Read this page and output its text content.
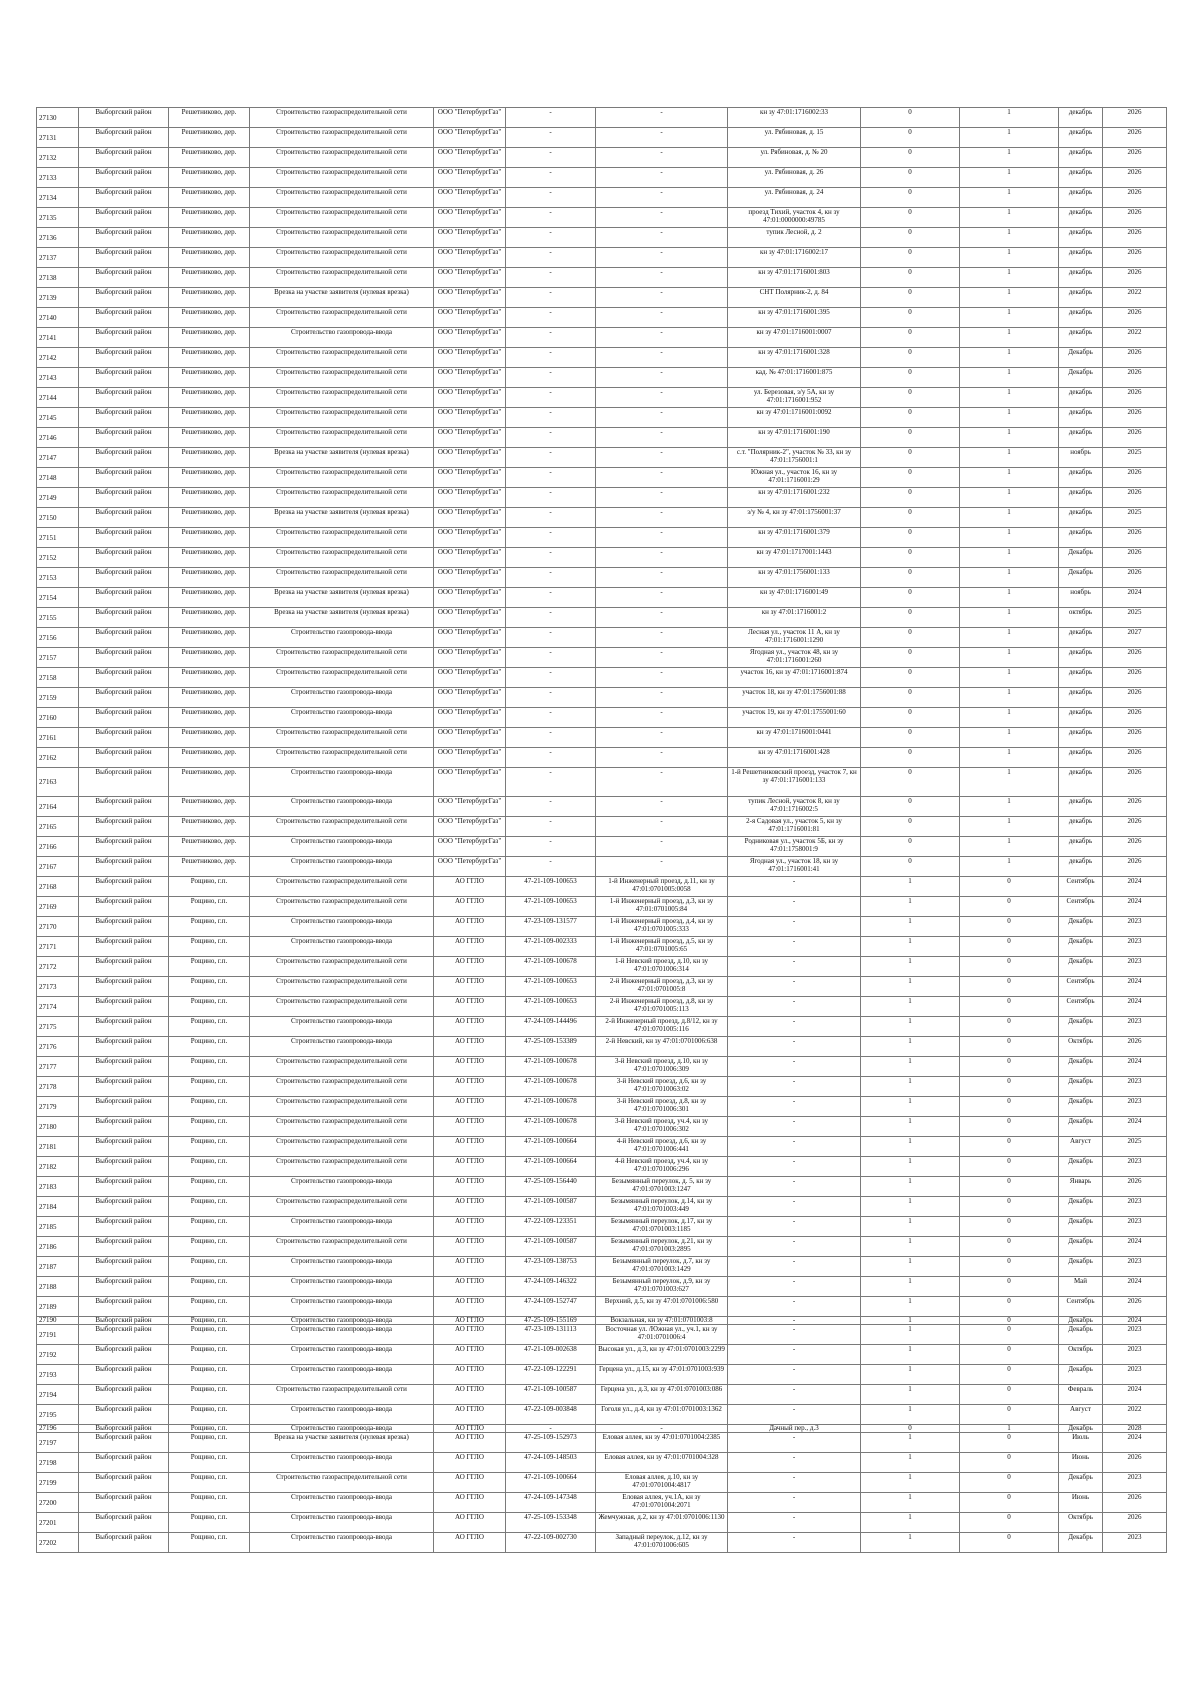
27130	Выборгский район	Решетниково, дер.	Строительство газораспределительной сети	ООО "ПетербургГаз"	-	-	кн зу 47:01:1716002:33	0	1	декабрь	2026
27131	Выборгский район	Решетниково, дер.	Строительство газораспределительной сети	ООО "ПетербургГаз"	-	-	ул. Рябиновая, д. 15	0	1	декабрь	2026
27132	Выборгский район	Решетниково, дер.	Строительство газораспределительной сети	ООО "ПетербургГаз"	-	-	ул. Рябиновая, д. № 20	0	1	декабрь	2026
27133	Выборгский район	Решетниково, дер.	Строительство газораспределительной сети	ООО "ПетербургГаз"	-	-	ул. Рябиновая, д. 26	0	1	декабрь	2026
27134	Выборгский район	Решетниково, дер.	Строительство газораспределительной сети	ООО "ПетербургГаз"	-	-	ул. Рябиновая, д. 24	0	1	декабрь	2026
27135	Выборгский район	Решетниково, дер.	Строительство газораспределительной сети	ООО "ПетербургГаз"	-	-	проезд Тихий, участок 4, кн зу 47:01:0000000:49785	0	1	декабрь	2026
27136	Выборгский район	Решетниково, дер.	Строительство газораспределительной сети	ООО "ПетербургГаз"	-	-	тупик Лесной, д. 2	0	1	декабрь	2026
27137	Выборгский район	Решетниково, дер.	Строительство газораспределительной сети	ООО "ПетербургГаз"	-	-	кн зу 47:01:1716002:17	0	1	декабрь	2026
27138	Выборгский район	Решетниково, дер.	Строительство газораспределительной сети	ООО "ПетербургГаз"	-	-	кн зу 47:01:1716001:803	0	1	декабрь	2026
27139	Выборгский район	Решетниково, дер.	Врезка на участке заявителя (нулевая врезка)	ООО "ПетербургГаз"	-	-	СНТ Полярник-2, д. 84	0	1	декабрь	2022
27140	Выборгский район	Решетниково, дер.	Строительство газораспределительной сети	ООО "ПетербургГаз"	-	-	кн зу 47:01:1716001:395	0	1	декабрь	2026
27141	Выборгский район	Решетниково, дер.	Строительство газопровода-ввода	ООО "ПетербургГаз"	-	-	кн зу 47:01:1716001:0007	0	1	декабрь	2022
27142	Выборгский район	Решетниково, дер.	Строительство газораспределительной сети	ООО "ПетербургГаз"	-	-	кн зу 47:01:1716001:328	0	1	Декабрь	2026
27143	Выборгский район	Решетниково, дер.	Строительство газораспределительной сети	ООО "ПетербургГаз"	-	-	кад. № 47:01:1716001:875	0	1	Декабрь	2026
27144	Выборгский район	Решетниково, дер.	Строительство газораспределительной сети	ООО "ПетербургГаз"	-	-	ул. Березовая, з/у 5А, кн зу 47:01:1716001:952	0	1	декабрь	2026
27145	Выборгский район	Решетниково, дер.	Строительство газораспределительной сети	ООО "ПетербургГаз"	-	-	кн зу 47:01:1716001:0092	0	1	декабрь	2026
27146	Выборгский район	Решетниково, дер.	Строительство газораспределительной сети	ООО "ПетербургГаз"	-	-	кн зу 47:01:1716001:190	0	1	декабрь	2026
27147	Выборгский район	Решетниково, дер.	Врезка на участке заявителя (нулевая врезка)	ООО "ПетербургГаз"	-	-	с.т. "Полярник-2", участок № 33, кн зу 47:01:1756001:1	0	1	ноябрь	2025
27148	Выборгский район	Решетниково, дер.	Строительство газораспределительной сети	ООО "ПетербургГаз"	-	-	Южная ул., участок 16, кн зу 47:01:1716001:29	0	1	декабрь	2026
27149	Выборгский район	Решетниково, дер.	Строительство газораспределительной сети	ООО "ПетербургГаз"	-	-	кн зу 47:01:1716001:232	0	1	декабрь	2026
27150	Выборгский район	Решетниково, дер.	Врезка на участке заявителя (нулевая врезка)	ООО "ПетербургГаз"	-	-	з/у № 4, кн зу 47:01:1756001:37	0	1	декабрь	2025
27151	Выборгский район	Решетниково, дер.	Строительство газораспределительной сети	ООО "ПетербургГаз"	-	-	кн зу 47:01:1716001:379	0	1	декабрь	2026
27152	Выборгский район	Решетниково, дер.	Строительство газораспределительной сети	ООО "ПетербургГаз"	-	-	кн зу 47:01:1717001:1443	0	1	Декабрь	2026
27153	Выборгский район	Решетниково, дер.	Строительство газораспределительной сети	ООО "ПетербургГаз"	-	-	кн зу 47:01:1756001:133	0	1	Декабрь	2026
27154	Выборгский район	Решетниково, дер.	Врезка на участке заявителя (нулевая врезка)	ООО "ПетербургГаз"	-	-	кн зу 47:01:1716001:49	0	1	ноябрь	2024
27155	Выборгский район	Решетниково, дер.	Врезка на участке заявителя (нулевая врезка)	ООО "ПетербургГаз"	-	-	кн зу 47:01:1716001:2	0	1	октябрь	2025
27156	Выборгский район	Решетниково, дер.	Строительство газопровода-ввода	ООО "ПетербургГаз"	-	-	Лесная ул., участок 11 А, кн зу 47:01:1716001:1290	0	1	декабрь	2027
27157	Выборгский район	Решетниково, дер.	Строительство газораспределительной сети	ООО "ПетербургГаз"	-	-	Ягодная ул., участок 48, кн зу 47:01:1716001:260	0	1	декабрь	2026
27158	Выборгский район	Решетниково, дер.	Строительство газораспределительной сети	ООО "ПетербургГаз"	-	-	участок 16, кн зу 47:01:1716001:874	0	1	декабрь	2026
27159	Выборгский район	Решетниково, дер.	Строительство газопровода-ввода	ООО "ПетербургГаз"	-	-	участок 18, кн зу 47:01:1756001:88	0	1	декабрь	2026
27160	Выборгский район	Решетниково, дер.	Строительство газопровода-ввода	ООО "ПетербургГаз"	-	-	участок 19, кн зу 47:01:1755001:60	0	1	декабрь	2026
27161	Выборгский район	Решетниково, дер.	Строительство газораспределительной сети	ООО "ПетербургГаз"	-	-	кн зу 47:01:1716001:0441	0	1	декабрь	2026
27162	Выборгский район	Решетниково, дер.	Строительство газораспределительной сети	ООО "ПетербургГаз"	-	-	кн зу 47:01:1716001:428	0	1	декабрь	2026
27163	Выборгский район	Решетниково, дер.	Строительство газопровода-ввода	ООО "ПетербургГаз"	-	-	1-й Решетниковский проезд, участок 7, кн зу 47:01:1716001:133	0	1	декабрь	2026
27164	Выборгский район	Решетниково, дер.	Строительство газопровода-ввода	ООО "ПетербургГаз"	-	-	тупик Лесной, участок 8, кн зу 47:01:1716002:5	0	1	декабрь	2026
27165	Выборгский район	Решетниково, дер.	Строительство газораспределительной сети	ООО "ПетербургГаз"	-	-	2-я Садовая ул., участок 5, кн зу 47:01:1716001:81	0	1	декабрь	2026
27166	Выборгский район	Решетниково, дер.	Строительство газопровода-ввода	ООО "ПетербургГаз"	-	-	Родниковая ул., участок 5Б, кн зу 47:01:1758001:9	0	1	декабрь	2026
27167	Выборгский район	Решетниково, дер.	Строительство газопровода-ввода	ООО "ПетербургГаз"	-	-	Ягодная ул., участок 18, кн зу 47:01:1716001:41	0	1	декабрь	2026
27168	Выборгский район	Рощино, г.п.	Строительство газораспределительной сети	АО ГГЛО	47-21-109-100653	1-й Инженерный проезд, д.11, кн зу 47:01:0701005:0058	-	1	0	Сентябрь	2024
27169	Выборгский район	Рощино, г.п.	Строительство газораспределительной сети	АО ГГЛО	47-21-109-100653	1-й Инженерный проезд, д.3, кн зу 47:01:0701005:84	-	1	0	Сентябрь	2024
27170	Выборгский район	Рощино, г.п.	Строительство газопровода-ввода	АО ГГЛО	47-23-109-131577	1-й Инженерный проезд, д.4, кн зу 47:01:0701005:333	-	1	0	Декабрь	2023
27171	Выборгский район	Рощино, г.п.	Строительство газопровода-ввода	АО ГГЛО	47-21-109-002333	1-й Инженерный проезд, д.5, кн зу 47:01:0701005:65	-	1	0	Декабрь	2023
27172	Выборгский район	Рощино, г.п.	Строительство газораспределительной сети	АО ГГЛО	47-21-109-100678	1-й Невский проезд, д.10, кн зу 47:01:0701006:314	-	1	0	Декабрь	2023
27173	Выборгский район	Рощино, г.п.	Строительство газораспределительной сети	АО ГГЛО	47-21-109-100653	2-й Инженерный проезд, д.3, кн зу 47:01:0701005:8	-	1	0	Сентябрь	2024
27174	Выборгский район	Рощино, г.п.	Строительство газораспределительной сети	АО ГГЛО	47-21-109-100653	2-й Инженерный проезд, д.8, кн зу 47:01:0701005:113	-	1	0	Сентябрь	2024
27175	Выборгский район	Рощино, г.п.	Строительство газопровода-ввода	АО ГГЛО	47-24-109-144496	2-й Инженерный проезд, д.8/12, кн зу 47:01:0701005:116	-	1	0	Декабрь	2023
27176	Выборгский район	Рощино, г.п.	Строительство газопровода-ввода	АО ГГЛО	47-25-109-153389	2-й Невский, кн зу 47:01:0701006:638	-	1	0	Октябрь	2026
27177	Выборгский район	Рощино, г.п.	Строительство газораспределительной сети	АО ГГЛО	47-21-109-100678	3-й Невский проезд, д.10, кн зу 47:01:0701006:309	-	1	0	Декабрь	2024
27178	Выборгский район	Рощино, г.п.	Строительство газораспределительной сети	АО ГГЛО	47-21-109-100678	3-й Невский проезд, д.6, кн зу 47:01:07010063:02	-	1	0	Декабрь	2023
27179	Выборгский район	Рощино, г.п.	Строительство газораспределительной сети	АО ГГЛО	47-21-109-100678	3-й Невский проезд, д.8, кн зу 47:01:0701006:301	-	1	0	Декабрь	2023
27180	Выборгский район	Рощино, г.п.	Строительство газораспределительной сети	АО ГГЛО	47-21-109-100678	3-й Невский проезд, уч.4, кн зу 47:01:0701006:302	-	1	0	Декабрь	2024
27181	Выборгский район	Рощино, г.п.	Строительство газораспределительной сети	АО ГГЛО	47-21-109-100664	4-й Невский проезд, д.6, кн зу 47:01:0701006:441	-	1	0	Август	2025
27182	Выборгский район	Рощино, г.п.	Строительство газораспределительной сети	АО ГГЛО	47-21-109-100664	4-й Невский проезд, уч.4, кн зу 47:01:0701006:296	-	1	0	Декабрь	2023
27183	Выборгский район	Рощино, г.п.	Строительство газопровода-ввода	АО ГГЛО	47-25-109-156440	Безымянный переулок, д. 5, кн зу 47:01:0701003:1247	-	1	0	Январь	2026
27184	Выборгский район	Рощино, г.п.	Строительство газораспределительной сети	АО ГГЛО	47-21-109-100587	Безымянный переулок, д.14, кн зу 47:01:0701003:449	-	1	0	Декабрь	2023
27185	Выборгский район	Рощино, г.п.	Строительство газопровода-ввода	АО ГГЛО	47-22-109-123351	Безымянный переулок, д.17, кн зу 47:01:0701003:1185	-	1	0	Декабрь	2023
27186	Выборгский район	Рощино, г.п.	Строительство газораспределительной сети	АО ГГЛО	47-21-109-100587	Безымянный переулок, д.21, кн зу 47:01:0701003:2895	-	1	0	Декабрь	2024
27187	Выборгский район	Рощино, г.п.	Строительство газопровода-ввода	АО ГГЛО	47-23-109-138753	Безымянный переулок, д.7, кн зу 47:01:0701003:1429	-	1	0	Декабрь	2023
27188	Выборгский район	Рощино, г.п.	Строительство газопровода-ввода	АО ГГЛО	47-24-109-146322	Безымянный переулок, д.9, кн зу 47:01:0701003:627	-	1	0	Май	2024
27189	Выборгский район	Рощино, г.п.	Строительство газопровода-ввода	АО ГГЛО	47-24-109-152747	Верхний, д.5, кн зу 47:01:0701006:580	-	1	0	Сентябрь	2026
27190	Выборгский район	Рощино, г.п.	Строительство газопровода-ввода	АО ГГЛО	47-25-109-155169	Вокзальная, кн зу 47:01:0701003:8	-	1	0	Декабрь	2024
27191	Выборгский район	Рощино, г.п.	Строительство газопровода-ввода	АО ГГЛО	47-23-109-131113	Восточная ул. /Южная ул., уч.1, кн зу 47:01:0701006:4	-	1	0	Декабрь	2023
27192	Выборгский район	Рощино, г.п.	Строительство газопровода-ввода	АО ГГЛО	47-21-109-002638	Высокая ул., д.3, кн зу 47:01:0701003:2299	-	1	0	Октябрь	2023
27193	Выборгский район	Рощино, г.п.	Строительство газопровода-ввода	АО ГГЛО	47-22-109-122291	Герцена ул., д.15, кн зу 47:01:0701003:939	-	1	0	Декабрь	2023
27194	Выборгский район	Рощино, г.п.	Строительство газораспределительной сети	АО ГГЛО	47-21-109-100587	Герцена ул., д.3, кн зу 47:01:0701003:086	-	1	0	Февраль	2024
27195	Выборгский район	Рощино, г.п.	Строительство газопровода-ввода	АО ГГЛО	47-22-109-003848	Гоголя ул., д.4, кн зу 47:01:0701003:1362	-	1	0	Август	2022
27196	Выборгский район	Рощино, г.п.	Строительство газопровода-ввода	АО ГГЛО	-	-	Дачный пер., д.3	0	1	Декабрь	2028
27197	Выборгский район	Рощино, г.п.	Врезка на участке заявителя (нулевая врезка)	АО ГГЛО	47-25-109-152973	Еловая аллея, кн зу 47:01:0701004:2385	-	1	0	Июль	2024
27198	Выборгский район	Рощино, г.п.	Строительство газопровода-ввода	АО ГГЛО	47-24-109-148503	Еловая аллея, кн зу 47:01:0701004:328	-	1	0	Июнь	2026
27199	Выборгский район	Рощино, г.п.	Строительство газораспределительной сети	АО ГГЛО	47-21-109-100664	Еловая аллея, д.10, кн зу 47:01:0701004:4817	-	1	0	Декабрь	2023
27200	Выборгский район	Рощино, г.п.	Строительство газопровода-ввода	АО ГГЛО	47-24-109-147348	Еловая аллея, уч.1А, кн зу 47:01:0701004:2071	-	1	0	Июнь	2026
27201	Выборгский район	Рощино, г.п.	Строительство газопровода-ввода	АО ГГЛО	47-25-109-153348	Жемчужная, д.2, кн зу 47:01:0701006:1130	-	1	0	Октябрь	2026
27202	Выборгский район	Рощино, г.п.	Строительство газопровода-ввода	АО ГГЛО	47-22-109-002730	Западный переулок, д.12, кн зу 47:01:0701006:605	-	1	0	Декабрь	2023
